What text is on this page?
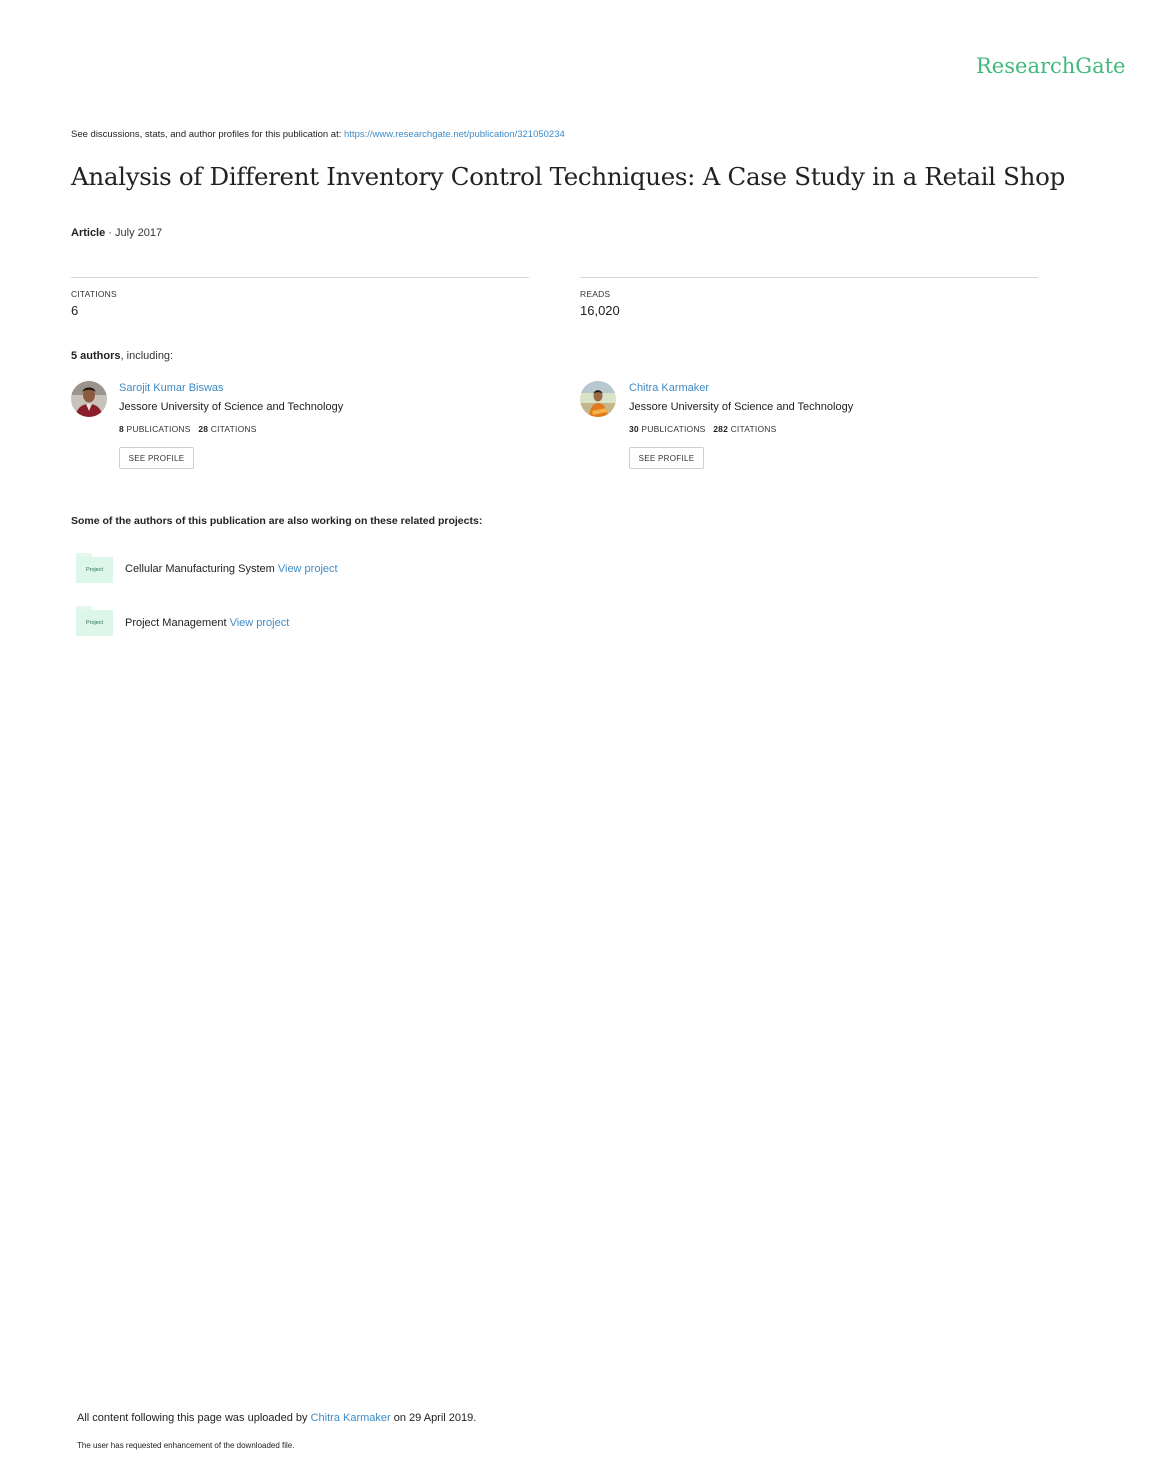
ResearchGate
See discussions, stats, and author profiles for this publication at: https://www.researchgate.net/publication/321050234
Analysis of Different Inventory Control Techniques: A Case Study in a Retail Shop
Article · July 2017
CITATIONS
6
READS
16,020
5 authors, including:
Sarojit Kumar Biswas
Jessore University of Science and Technology
8 PUBLICATIONS 28 CITATIONS
SEE PROFILE
Chitra Karmaker
Jessore University of Science and Technology
30 PUBLICATIONS 282 CITATIONS
SEE PROFILE
Some of the authors of this publication are also working on these related projects:
Project	Cellular Manufacturing System View project
Project	Project Management View project
All content following this page was uploaded by Chitra Karmaker on 29 April 2019.
The user has requested enhancement of the downloaded file.
